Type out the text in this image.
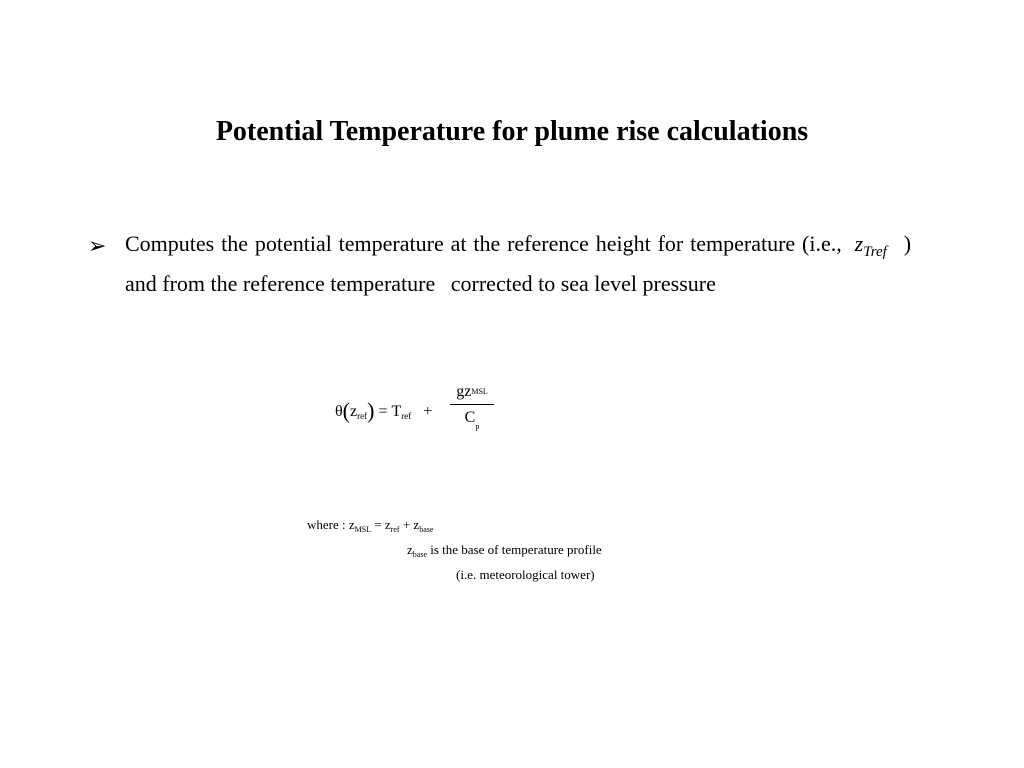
Potential Temperature for plume rise calculations
➢ Computes the potential temperature at the reference height for temperature (i.e., $z_{Tref}$ ) and from the reference temperature corrected to sea level pressure
θ(zref) = Tref +
gzMSL
$C_p$
where : $z_{MSL} = z_{ref} + z_{base}$
$z_{base}$ is the base of temperature profile
(i.e. meteorological tower)
